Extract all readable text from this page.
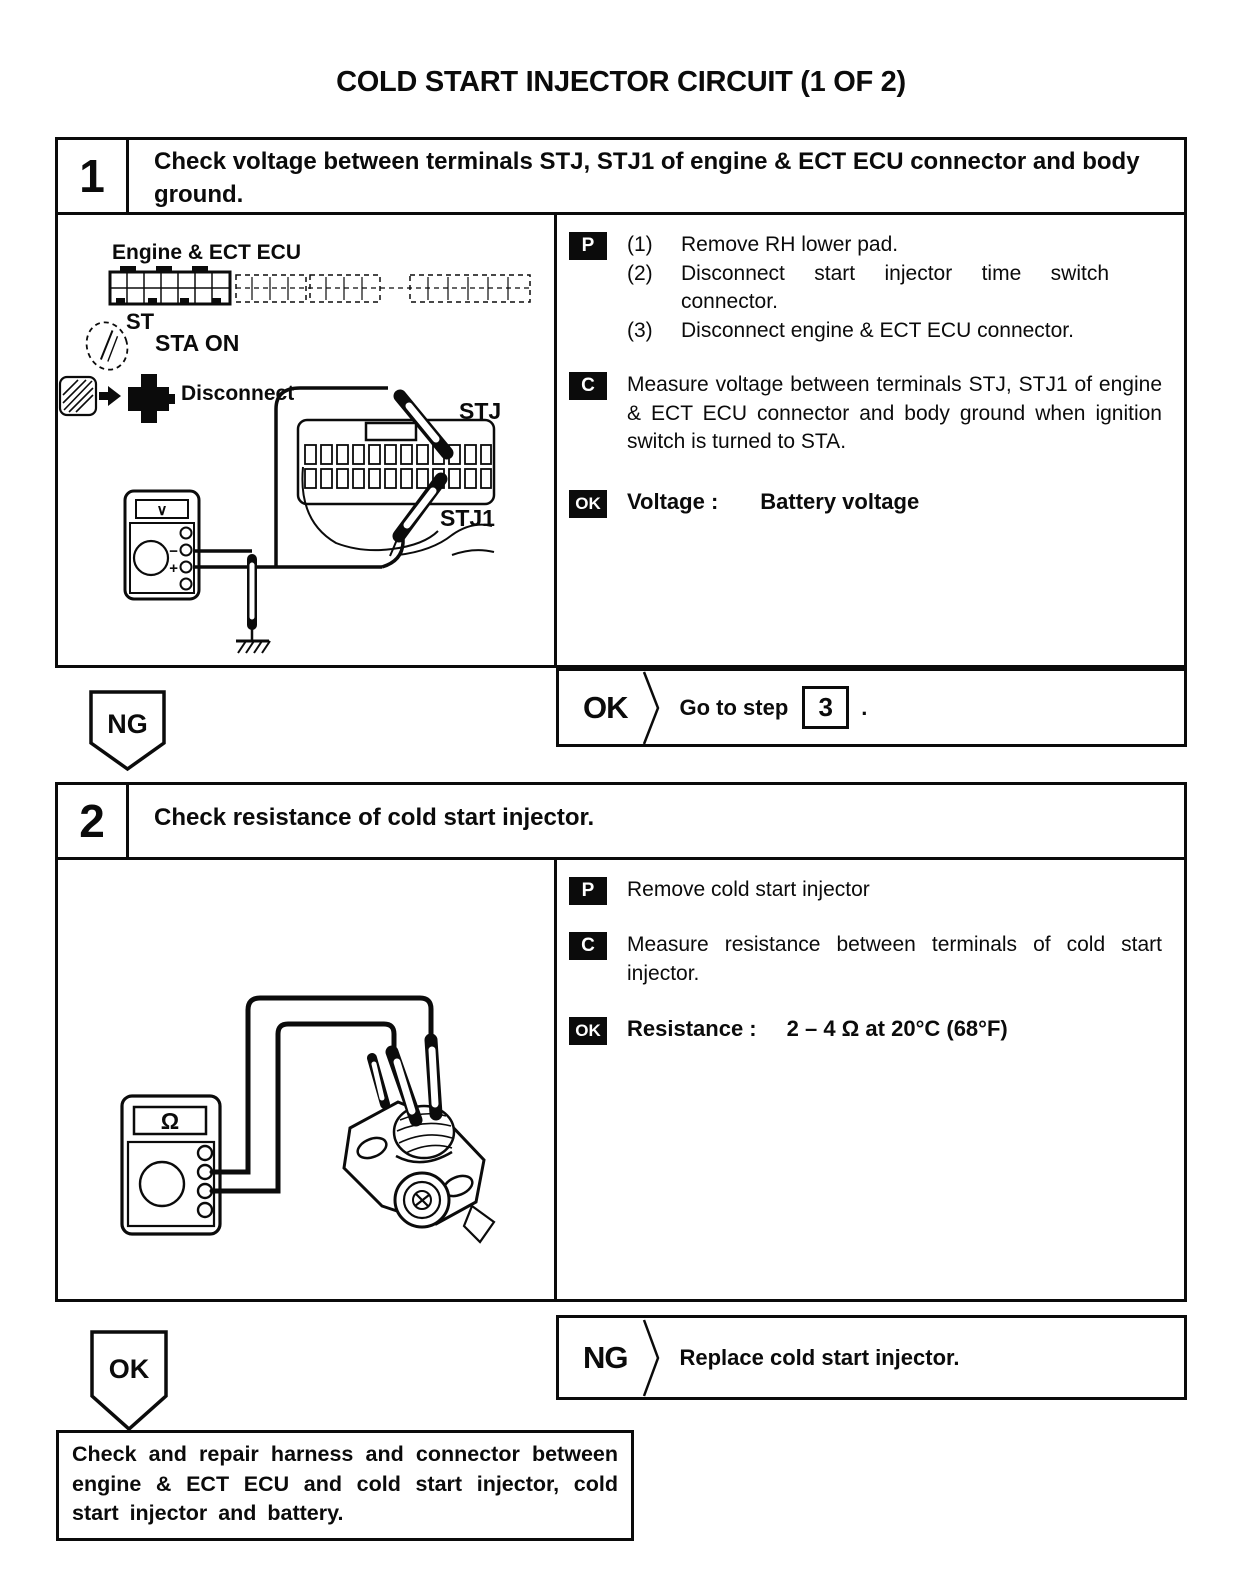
COLD START INJECTOR CIRCUIT (1 OF 2)
1	Check voltage between terminals STJ, STJ1 of engine & ECT ECU connector and body ground.
Engine & ECT ECU
ST
STA ON
Disconnect
STJ
STJ1
∨
−
+
P	(1)	Remove RH lower pad.
(2)	Disconnect start injector time switch connector.
(3)	Disconnect engine & ECT ECU connector.
C	Measure voltage between terminals STJ, STJ1 of engine & ECT ECU connector and body ground when ignition switch is turned to STA.
OK Voltage : Battery voltage
NG	OK Go to step	3	.
2	Check resistance of cold start injector.
Ω
P	Remove cold start injector
C	Measure resistance between terminals of cold start injector.
OK Resistance : 2 – 4 Ω at 20°C (68°F)
OK	NG Replace cold start injector.
Check and repair harness and connector between engine & ECT ECU and cold start injector, cold start injector and battery.
